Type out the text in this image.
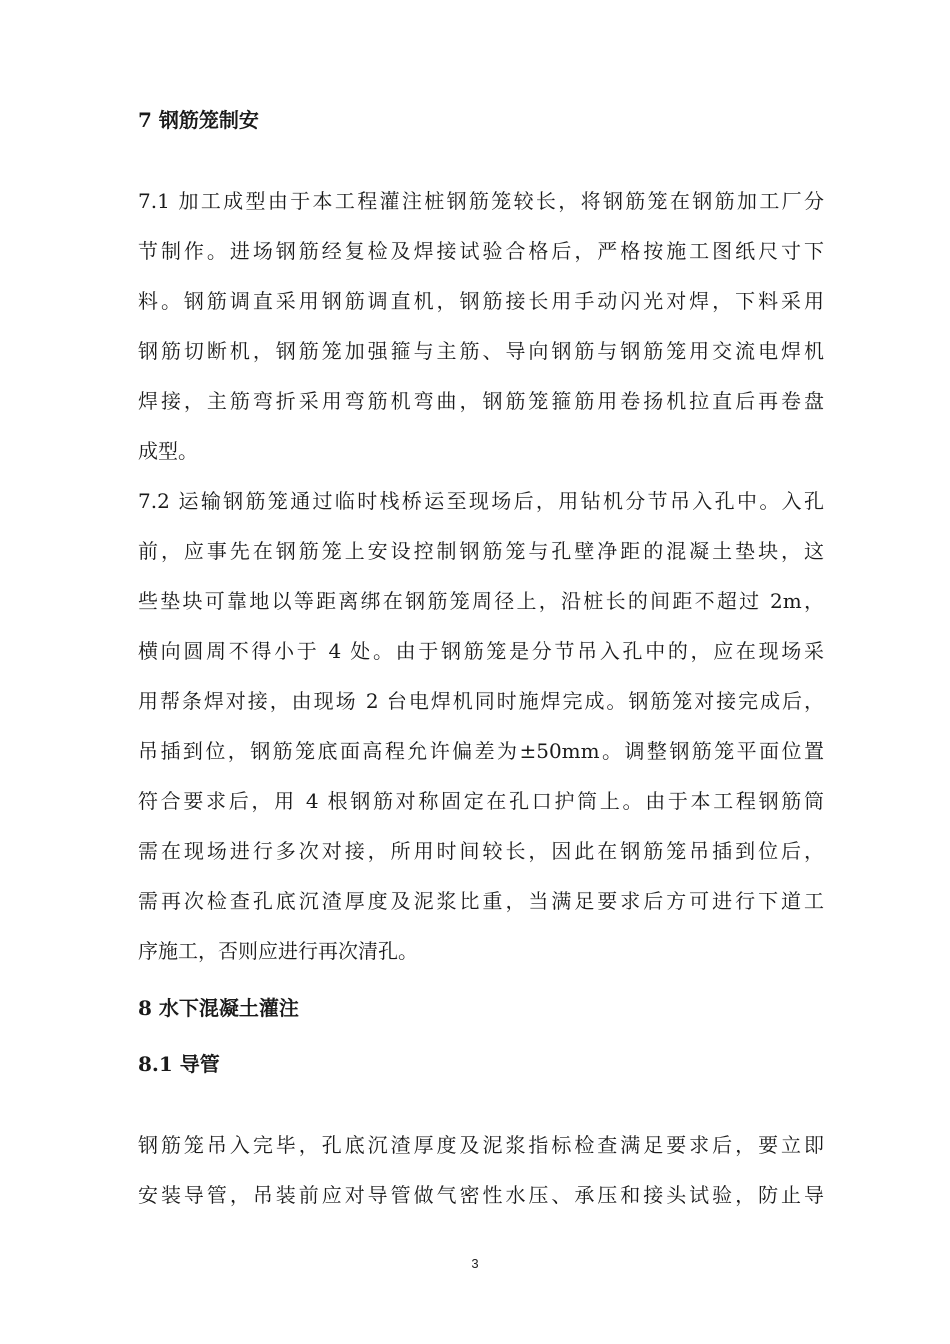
7 钢筋笼制安

7.1 加工成型由于本工程灌注桩钢筋笼较长，将钢筋笼在钢筋加工厂分

节制作。进场钢筋经复检及焊接试验合格后，严格按施工图纸尺寸下

料。钢筋调直采用钢筋调直机，钢筋接长用手动闪光对焊，下料采用

钢筋切断机，钢筋笼加强箍与主筋、导向钢筋与钢筋笼用交流电焊机

焊接，主筋弯折采用弯筋机弯曲，钢筋笼箍筋用卷扬机拉直后再卷盘

成型。

7.2 运输钢筋笼通过临时栈桥运至现场后，用钻机分节吊入孔中。入孔

前，应事先在钢筋笼上安设控制钢筋笼与孔壁净距的混凝土垫块，这

些垫块可靠地以等距离绑在钢筋笼周径上，沿桩长的间距不超过 2m，

横向圆周不得小于 4 处。由于钢筋笼是分节吊入孔中的，应在现场采

用帮条焊对接，由现场 2 台电焊机同时施焊完成。钢筋笼对接完成后，

吊插到位，钢筋笼底面高程允许偏差为±50mm。调整钢筋笼平面位置

符合要求后，用 4 根钢筋对称固定在孔口护筒上。由于本工程钢筋筒

需在现场进行多次对接，所用时间较长，因此在钢筋笼吊插到位后，

需再次检查孔底沉渣厚度及泥浆比重，当满足要求后方可进行下道工

序施工，否则应进行再次清孔。

8 水下混凝土灌注
8.1 导管

钢筋笼吊入完毕，孔底沉渣厚度及泥浆指标检查满足要求后，要立即

安装导管，吊装前应对导管做气密性水压、承压和接头试验，防止导

3
